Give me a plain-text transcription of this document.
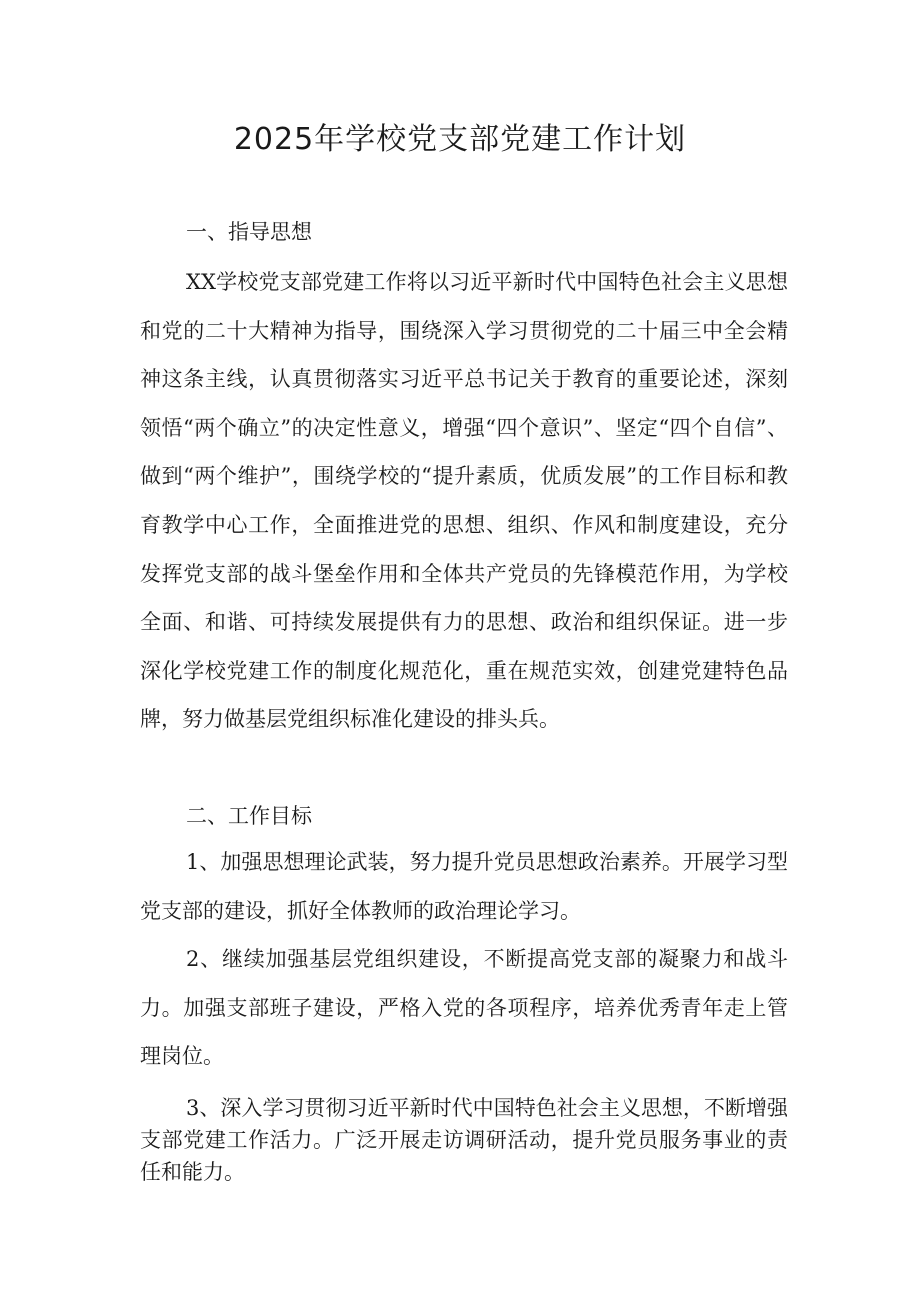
2025年学校党支部党建工作计划

一、指导思想

XX学校党支部党建工作将以习近平新时代中国特色社会主义思想和党的二十大精神为指导，围绕深入学习贯彻党的二十届三中全会精神这条主线，认真贯彻落实习近平总书记关于教育的重要论述，深刻领悟“两个确立”的决定性意义，增强“四个意识”、坚定“四个自信”、做到“两个维护”，围绕学校的“提升素质，优质发展”的工作目标和教育教学中心工作，全面推进党的思想、组织、作风和制度建设，充分发挥党支部的战斗堡垒作用和全体共产党员的先锋模范作用，为学校全面、和谐、可持续发展提供有力的思想、政治和组织保证。进一步深化学校党建工作的制度化规范化，重在规范实效，创建党建特色品牌，努力做基层党组织标准化建设的排头兵。

二、工作目标

1、加强思想理论武装，努力提升党员思想政治素养。开展学习型党支部的建设，抓好全体教师的政治理论学习。

2、继续加强基层党组织建设，不断提高党支部的凝聚力和战斗力。加强支部班子建设，严格入党的各项程序，培养优秀青年走上管理岗位。

3、深入学习贯彻习近平新时代中国特色社会主义思想，不断增强支部党建工作活力。广泛开展走访调研活动，提升党员服务事业的责任和能力。
